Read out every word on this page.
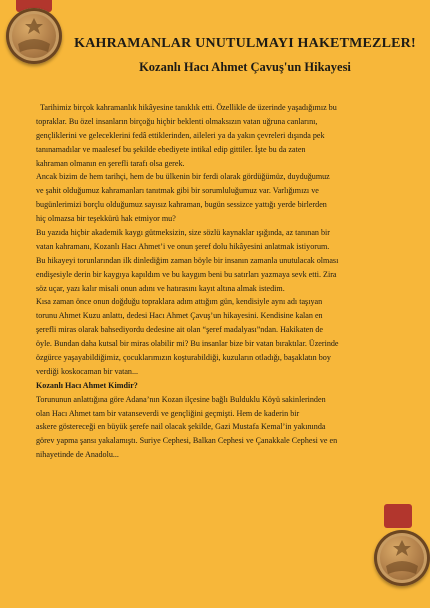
KAHRAMANLAR UNUTULMAYI HAKETMEZLER!
Kozanlı Hacı Ahmet Çavuş'un Hikayesi
Tarihimiz birçok kahramanlık hikâyesine tanıklık etti. Özellikle de üzerinde yaşadığımız bu
topraklar. Bu özel insanların birçoğu hiçbir beklenti olmaksızın vatan uğruna canlarını,
gençliklerini ve geleceklerini fedâ ettiklerinden, aileleri ya da yakın çevreleri dışında pek
tanınamadılar ve maalesef bu şekilde ebediyete intikal edip gittiler. İşte bu da zaten
kahraman olmanın en şerefli tarafı olsa gerek.
Ancak bizim de hem tarihçi, hem de bu ülkenin bir ferdi olarak gördüğümüz, duyduğumuz
ve şahit olduğumuz kahramanları tanıtmak gibi bir sorumluluğumuz var. Varlığımızı ve
bugünlerimizi borçlu olduğumuz sayısız kahraman, bugün sessizce yattığı yerde birlerden
hiç olmazsa bir teşekkürü hak etmiyor mu?
Bu yazıda hiçbir akademik kaygı gütmeksizin, size sözlü kaynaklar ışığında, az tanınan bir
vatan kahramanı, Kozanlı Hacı Ahmet’i ve onun şeref dolu hikâyesini anlatmak istiyorum.
Bu hikayeyi torunlarından ilk dinlediğim zaman böyle bir insanın zamanla unutulacak olması
endişesiyle derin bir kaygıya kapıldım ve bu kaygım beni bu satırları yazmaya sevk etti. Zira
söz uçar, yazı kalır misali onun adını ve hatırasını kayıt altına almak istedim.
Kısa zaman önce onun doğduğu topraklara adım attığım gün, kendisiyle aynı adı taşıyan
torunu Ahmet Kuzu anlattı, dedesi Hacı Ahmet Çavuş’un hikayesini. Kendisine kalan en
şerefli miras olarak bahsediyordu dedesine ait olan “şeref madalyası”ndan. Hakikaten de
öyle. Bundan daha kutsal bir miras olabilir mi? Bu insanlar bize bir vatan bıraktılar. Üzerinde
özgürce yaşayabildiğimiz, çocuklarımızın koşturabildiği, kuzuların otladığı, başaklatın boy
verdiği koskocaman bir vatan...
Kozanlı Hacı Ahmet Kimdir?
Torununun anlattığına göre Adana’nın Kozan ilçesine bağlı Bulduklu Köyü sakinlerinden
olan Hacı Ahmet tam bir vatanseverdi ve gençliğini geçmişti. Hem de kaderin bir
askere göstereceği en büyük şerefe nail olacak şekilde, Gazi Mustafa Kemal’in yakınında
görev yapma şansı yakalamıştı. Suriye Cephesi, Balkan Cephesi ve Çanakkale Cephesi ve en
nihayetinde de Anadolu...
